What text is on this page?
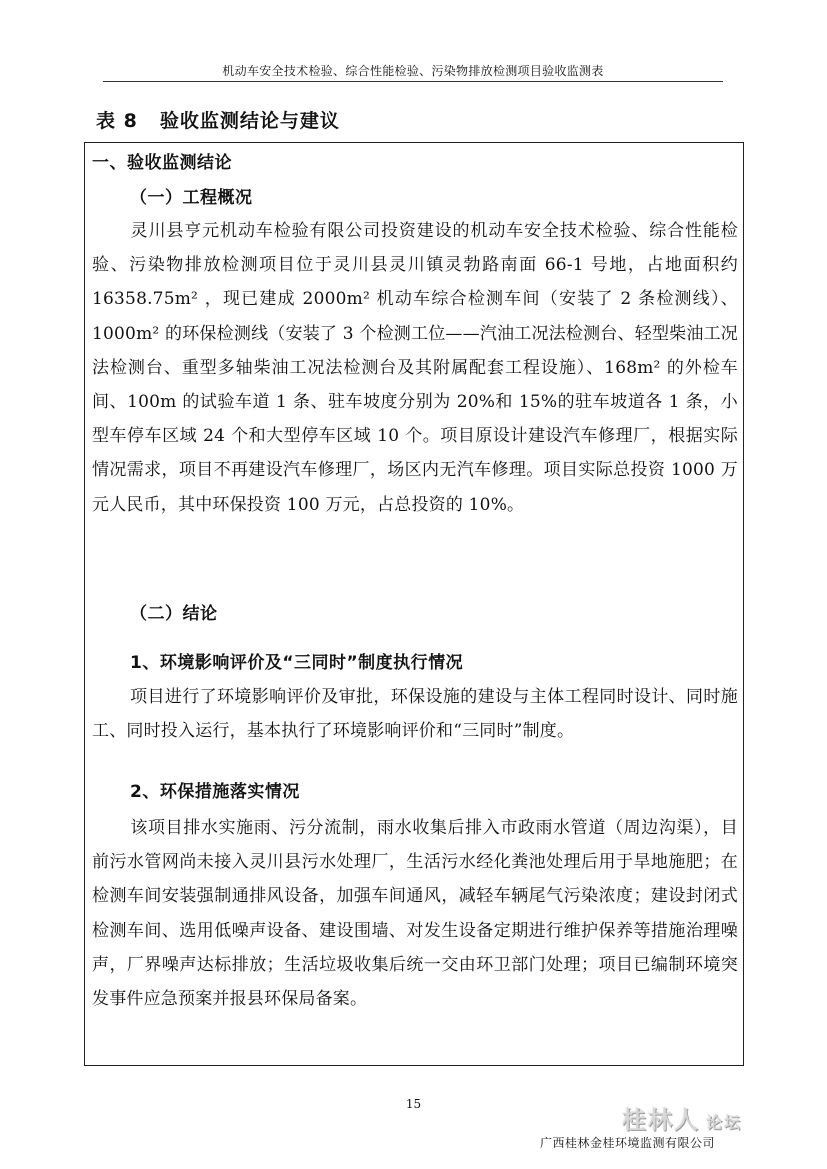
机动车安全技术检验、综合性能检验、污染物排放检测项目验收监测表
表 8 验收监测结论与建议
一、验收监测结论
（一）工程概况
灵川县亨元机动车检验有限公司投资建设的机动车安全技术检验、综合性能检验、污染物排放检测项目位于灵川县灵川镇灵勃路南面 66-1 号地，占地面积约 16358.75m² ，现已建成 2000m² 机动车综合检测车间（安装了 2 条检测线）、1000m² 的环保检测线（安装了 3 个检测工位——汽油工况法检测台、轻型柴油工况法检测台、重型多轴柴油工况法检测台及其附属配套工程设施）、168m² 的外检车间、100m 的试验车道 1 条、驻车坡度分别为 20%和 15%的驻车坡道各 1 条，小型车停车区域 24 个和大型停车区域 10 个。项目原设计建设汽车修理厂，根据实际情况需求，项目不再建设汽车修理厂，场区内无汽车修理。项目实际总投资 1000 万元人民币，其中环保投资 100 万元，占总投资的 10%。
（二）结论
1、环境影响评价及“三同时”制度执行情况
项目进行了环境影响评价及审批，环保设施的建设与主体工程同时设计、同时施工、同时投入运行，基本执行了环境影响评价和“三同时”制度。
2、环保措施落实情况
该项目排水实施雨、污分流制，雨水收集后排入市政雨水管道（周边沟渠），目前污水管网尚未接入灵川县污水处理厂，生活污水经化粪池处理后用于旱地施肥；在检测车间安装强制通排风设备，加强车间通风，减轻车辆尾气污染浓度；建设封闭式检测车间、选用低噪声设备、建设围墙、对发生设备定期进行维护保养等措施治理噪声，厂界噪声达标排放；生活垃圾收集后统一交由环卫部门处理；项目已编制环境突发事件应急预案并报县环保局备案。
15
桂林人 论坛
广西桂林金桂环境监测有限公司
